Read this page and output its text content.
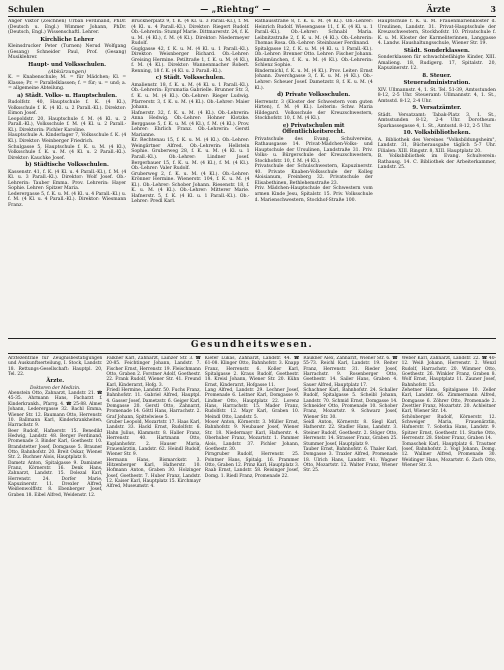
Schulen	— „Riehtng“ —	Ärzte	3

Anger Viktor (Zeichnen) Urban Ferdinand, PhDr. (Deutsch u. Engl.) Wimmer Johann, PhDr. (Deutsch, Engl.) Wissenschaftl. Lehrer.

Kirchliche Lehrer

Kleinsdrucker Peter (Turnen) Nerud Wolfgang (Gesang) Schneider Paul, Prof. (Gesang) Musiklehrer.

Haupt- und Volksschulen.

(Abkürzungen)

K. = Knabenschule; M. = für Mädchen; Kl. = Klasse; Pr. = Parallelklassen; f. = für; u. = und; a. = allgemeine Abteilung.

a) Städt. Volks- u. Hauptschulen.

Rudolfstr. 40, Hauptschule f. K. (4 Kl.), Volksschule f. K. (4 Kl. u. 2 Parall.-Kl.). Direktor: Eimon Josef.

Leopoldstr. 20, Hauptschule f. M. (4 Kl. u. 2 Parall.-Kl.), Volksschule f. M. (4 Kl. u. 2 Parall.-Kl.). Direktorin: Pichler Karoline.

Hauptschule A. Kinderlager 7, Volksschule f. K. (4 Kl.). Direktor: Weinberger Friedrich.

Schulgasse 5, Hauptschule f. K. u. M. (4 Kl.), Volksschule f. K. u. M. (4 Kl. u. 2 Parall.-Kl.). Direktor: Kauchke Josef.

b) Städtische Volksschulen.

Kassenstr. 41, f. K. (4 Kl. u. 4 Parall.-Kl.), f. M. (4 Kl. u. 3 Parall.-Kl.). Direktor: Wolf Josef. Ob.-Lehrerin: Tauber Emma. Prov. Lehrerin: Hayer Sophie. Lehrer: Spitzer Maria.

Lederergasse 5, f. K. u. M. (4 Kl. u. 4 Parall.-Kl.) u. f. M. (4 Kl. u. 4 Parall.-Kl.). Direktor: Wiesmann Franz.

Brucknerplatz 9, f. K. (4 Kl. u. 3 Parall.-Kl.), f. M. (4 Kl. u. 4 Parall.-Kl.). Direktor: Riegert Rudolf. Ob.-Lehrerin: Stumpf Marie. Dittmarerstr. 24, f. K. u. M. (4 Kl.), f. M. (4 Kl.). Direktor: Niedermeyer Rudolf.

Guglgasse 42, f. K. u. M. (4 Kl. u. 1 Parall.-Kl.). Direktor: Weisnberger Richard. Ob.-Lehrer: Greising Hermine. Petiltraße 1, f. K. u. M. (4 Kl.), f. M. (4 Kl.). Direktor: Wannenmacher Robert. Renning, 18 f. K. (4 Kl. u. 2 Parall.-Kl.).

c) Städt. Volksschulen.

Amalienstr. 18, f. K. u. M. (4 Kl. u. 1 Parall.-Kl.). Ob.-Lehrerin: Eyrumatia Gabrielle. Brunner Str. 3, f. K. u. M. (4 Kl.). Ob.-Lehrer: Rieger Ludwig. Pfarrerstr. 3, f. K. u. M. (4 Kl.). Ob.-Lehrer: Maier Johann.

Hafnerstr. 32, f. K. u. M. (4 Kl.). Ob.-Lehrerin: Anna Hedwig. Ob.-Lehrer: Hohner Klotzke. Berggasse 5, f. K. u. M. (4 Kl.), f. M. (4 Kl.). Prov. Lehrer: Ehrlich Franz. Ob.-Lehrerin: Gerstl Marianne.

Kr. Rechtenau 15, f. K. u. M. (4 Kl.). Ob.-Lehrer: Weingärtner Alfred. Ob.-Lehrerin: Hellstein Sophie. Gruberweg 28, f. K. u. M. (4 Kl. u. 1 Parall.-Kl.). Ob.-Lehrer: Lindner Josef. Bergerbauer 15, f. K. u. M. (4 Kl.), f. M. (4 Kl.). Ob.-Lehrer: Valer Rudolf.

Gruberweg 2, f. K. u. M. (4 Kl.). Ob.-Lehrer: Krönner Hermine. Wienerstr. 104, f. K. u. M. (4 Kl.). Ob.-Lehrer: Schober Johann. Riesenstr. 18, f. K. u. M. (4 Kl.). Ob.-Lehrer: Mitterer Marie. Hafnerstr. 5, f. K. (4 Kl. u. 1 Parall.-Kl.). Ob.-Lehrer: Predl Karl.

Rathausstraße 8, f. K. u. M. (4 Kl.). Ob.-Lehrer: Heinrich Rudolf. Wiesengasse 11, f. K. (4 Kl. u. 1 Parall.-Kl.). Ob.-Lehrer: Schnabl Maria. Leibnitzstraße 2, f. K. u. M. (4 Kl.). Ob.-Lehrerin: Thomas Rosa. Ob.-Lehrer: Steinbauer Ferdinand.

Spitalgasse 12, f. K. u. M. (4 Kl. u. 1 Parall.-Kl.). Ob.-Lehrer: Brenner Otto. Lehrer: Fischer Johann. Kleinmünchen, f. K. u. M. (4 Kl.). Ob.-Lehrerin: Schlenz Sophie.

Bindermichl, f. K. u. M. (4 Kl.). Prov. Leiter: Ernst Johann. Zwerchgasse 3, f. K. u. M. (4 Kl.). Ob.-Lehrer: Scheuer Josef. Dametzstr. 8, f. K. u. M. (4 Kl.).

d) Private Volksschulen.

Herrenstr. 3 (Kloster der Schwestern vom guten Hirten), f. M. (4 Kl.). Leiterin: Schw. Maria Hildegard. Volksschule der Kreuzschwestern, Stockhofstr. 10, f. M. (4 Kl.).

e) Privatschulen mit Öffentlichkeitsrecht.

Privatschule des Evang. Schulvereins, Rathausgasse 14. Privat-Mädchen-Volks- und Hauptschule der Ursulinen, Landstraße 31. Priv. Volks- u. Bürgerschule der Kreuzschwestern, Stockhofstr. 10, f. M. (4 Kl.).

Privatschule der Schulschwestern, Kapuzinerstr. 40. Private Knaben-Volksschule der Kolleg Aloisianum, Freinberg 32. Privatschule der Elisabethinen, Bethlehemstraße 23.

Priv. Mädchen-Hauptschule der Schwestern vom armen Kinde Jesu, Spitalstr. 15. Priv. Volksschule d. Marienschwestern, Stockhof-Straße 100.

Hauptschule f. K. u. M. Frauenmarienkloster d. Ursulinen, Landstr. 31. Privat-Hauptschule der Kreuzschwestern, Stockhofstr. 10. Privatschule f. K. u. M. Kloster der Karmeliterinnen, Langgasse 4. Landw. Haushaltungsschule, Wiener Str. 19.

Städt. Sonderklassen.

Sonderklassen für schwachbefähigte Kinder, XIII. Amalieng. 18, Rudigerg. 17, Spitalstr. 20, Kapuzinerstr. 12.

8. Steuer.
Steueradministration.

XIV. Ullmannstr. 4, 1. St. Tel. 51-39, Amtsstunden 8-12, 2-5 Uhr. Steueramt: Ullmannstr. 4, 1. St., Amtsstd. 8-12, 2-4 Uhr.

9. Versatzämter.

Städt. Versatzamt: Tabak-Platz 3, 1. St., Amtsstunden 8-12, 2-4 Uhr. Dorotheum: Sparkassegasse 4, 1. St., Amtsstd. 8-12, 2-5 Uhr.

10. Volksbibliotheken.

A. Bibliothek des Vereines "Volksbildungsheim", Landstr. 31, Bücherausgabe täglich 5-7 Uhr. Filialen: XIII. Ringstr. 8, XIII. Hauptplatz 20.

B. Volksbibliothek im Evang. Schulverein: Rathausg. 14. C. Bibliothek der Arbeiterkammer, Landstr. 25.

Gesundheitswesen.

Ärztezentrale für Zeugnisbestätigungen und Auskunftserteilung, I. Stock, Landstr. 18. Rettungs-Gesellschaft: Hauptpl. 20, Tel. 22.

Ärzte.

Doktoren der Medizin.

Abenstein Otto, Zahnarzt, Landstr. 21. ☎ 45-35. Ahrmann Hans, Facharzt f. Kinderkrankh., Pfarrg. 4. ☎ 25-88. Almer Johann, Lederergasse 32. Bachl Emma, Wiener Str. 12. Baumann Otto, Herrenstr. 10. Ballmann Karl, Kinderkrankheiten, Harrachstr. 9.

Beer Rudolf, Hafnerstr. 15. Benedikt Hedwig, Landstr. 48. Berger Ferdinand, Promenade 3. Binder Karl, Goethestr. 10. Brandstetter Josef, Domgasse 5. Brauner Otto, Bahnhofstr. 20. Breit Oskar, Wiener Str. 2. Buchner Alois, Hauptplatz 8.

Dametz Anton, Spitalgasse 9. Damianer Franz, Körnerstr. 16. Denk Hans, Zahnarzt, Landstr. 15. Dolezal Karl, Herrenstr. 24. Dorfer Marie, Kapuzinerstr. 11. Drexler Alfred, Weißenwolffstr. 8. Ebenberger Josef, Graben 18. Eibel Alfred, Weidenstr. 12.

Falkner Karl, Zahnarzt, Lainzer Str. 3. ☎ 20-85. Feichtinger Johann, Landstr. 7. Fischer Ernst, Herrenstr. 19. Fleischmann Otto, Graben 2. Forstner Adolf, Goethestr. 22. Frank Rudolf, Wiener Str. 41. Freund Karl, Kinderarzt, Hofg. 3.

Friedl Hermine, Landstr. 50. Fuchs Franz, Bahnhofstr. 11. Gabriel Alfred, Hauptpl. 4. Gasser Josef, Dametzstr. 6. Geiger Karl, Domgasse 20. Gerstl Otto, Zahnarzt, Promenade 14. Göttl Hans, Harrachstr. 2. Graf Johann, Spittelwiese 5.

Gruber Leopold, Mozartstr. 17. Haas Karl, Landstr. 33. Hackl Ernst, Rudolfstr. 6. Hahn Julius, Klammstr. 8. Haller Franz, Herrenstr. 40. Hartmann Otto, Kaplanhofstr. 2. Hauser Maria, Frauenärztin, Landstr. 62. Heindl Rudolf, Wiener Str. 9.

Hermann Hans, Bismarckstr. 3. Hitzenberger Karl, Hafnerstr. 10. Hofmann Anton, Graben 30. Holzinger Josef, Goethestr. 7. Huber Franz, Landstr. 12. Kaiser Karl, Hauptplatz 15. Kirchmayr Alfred, Museumstr. 4.

Kiefer Lukas, Zahnarzt, Landstr. 44. ☎ 61-08. Klinger Otto, Bahnhofstr. 3. Knapp Franz, Herrenstr. 6. Koller Karl, Spitalgasse 2. Kraus Rudolf, Goethestr. 18. Kreisl Johann, Wiener Str. 20. Kühn Ernst, Kinderarzt, Hofgasse 11.

Lang Alfred, Landstr. 29. Lechner Josef, Promenade 6. Leitner Karl, Domgasse 9. Lindner Otto, Hauptplatz 22. Lorenz Hans, Harrachstr. 15. Mader Franz, Rudolfstr. 12. Mayr Karl, Graben 10. Meindl Otto, Landstr. 5.

Moser Anton, Körnerstr. 3. Müller Ernst, Bahnhofstr. 9. Neubauer Josef, Wiener Str. 18. Niedermayr Karl, Hafnerstr. 4. Oberhuber Franz, Mozartstr. 1. Pammer Alois, Landstr. 37. Pichler Johann, Goethestr. 30.

Pirngruber Rudolf, Herrenstr. 25. Pointner Hans, Spitalg. 16. Prammer Otto, Graben 12. Prinz Karl, Hauptplatz 3. Raab Ernst, Landstr. 58. Reisinger Josef, Domg. 1. Riedl Franz, Promenade 22.

Raukner Alex, Zahnarzt, Wiener Str. 6. ☎ 55-73. Reichl Karl, Landstr. 19. Reiter Franz, Herrenstr. 31. Rieder Josef, Harrachstr. 9. Rosenberger Otto, Goethestr. 14. Sailer Hans, Graben 4. Sauer Alfred, Hauptplatz 17.

Schachner Karl, Bahnhofstr. 24. Schaller Rudolf, Spitalgasse 5. Scheibl Johann, Landstr. 70. Schmid Ernst, Domgasse 14. Schneider Otto, Promenade 10. Schober Franz, Mozartstr. 9. Schwarz Josef, Wiener Str. 30.

Seidl Anton, Körnerstr. 8. Siegl Karl, Hafnerstr. 22. Stadler Hans, Landstr. 3. Steiner Rudolf, Goethestr. 2. Stöger Otto, Herrenstr. 14. Strasser Franz, Graben 25. Stummer Josef, Hauptplatz 9.

Tauber Ernst, Bahnhofstr. 6. Thaler Karl, Domgasse 3. Traxler Alfred, Promenade 18. Ulrich Hans, Landstr. 41. Wagner Otto, Mozartstr. 12. Walter Franz, Wiener Str. 25.

Weber Karl, Zahnarzt, Landstr. 22. ☎ 40-12. Weiß Johann, Herrenstr. 2. Wenzl Rudolf, Harrachstr. 20. Wimmer Otto, Goethestr. 26. Winkler Franz, Graben 8. Wolf Ernst, Hauptplatz 11. Zauner Josef, Bahnhofstr. 15.

Zehetner Hans, Spitalgasse 10. Zeller Karl, Landstr. 66. Zimmermann Alfred, Domgasse 6. Zöhrer Otto, Promenade 2. Zwettler Franz, Mozartstr. 20. Achleitner Karl, Wiener Str. 14.

Schönberger Rudolf, Körnerstr. 12. Schweiger Maria, Frauenärztin, Hafnerstr. 7. Sobotka Hans, Landstr. 9. Spitzer Ernst, Goethestr. 11. Starke Otto, Herrenstr. 28. Stelzer Franz, Graben 14.

Tomaschek Karl, Hauptplatz 6. Trautner Josef, Bahnhofstr. 2. Vogl Johann, Domg. 12. Wallner Alfred, Promenade 30. Weidinger Hans, Mozartstr. 6. Zach Otto, Wiener Str. 3.
